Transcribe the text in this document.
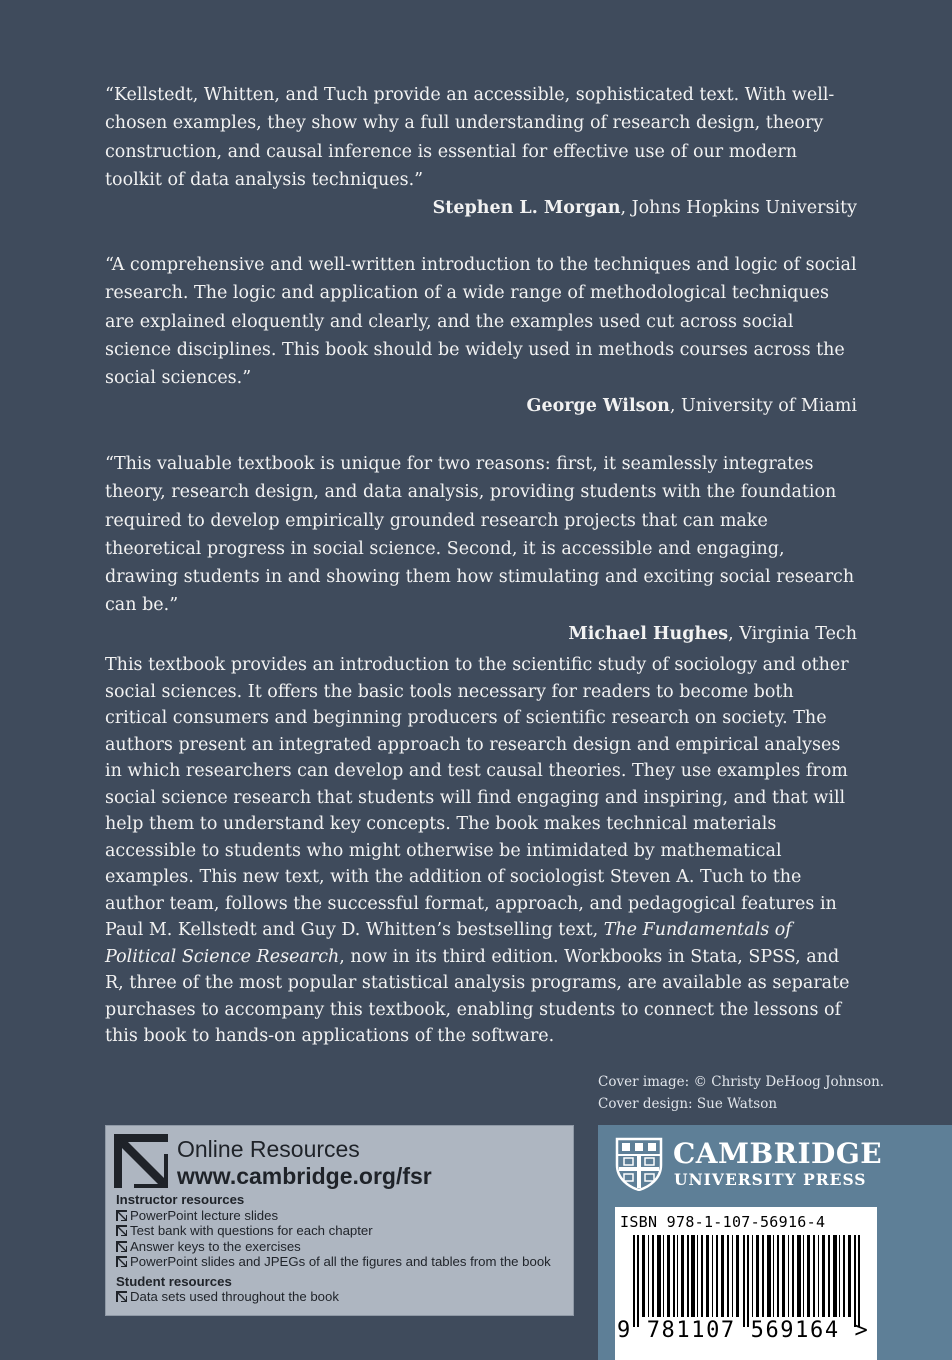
“Kellstedt, Whitten, and Tuch provide an accessible, sophisticated text. With well-chosen examples, they show why a full understanding of research design, theory construction, and causal inference is essential for effective use of our modern toolkit of data analysis techniques.”

Stephen L. Morgan, Johns Hopkins University

“A comprehensive and well-written introduction to the techniques and logic of social research. The logic and application of a wide range of methodological techniques are explained eloquently and clearly, and the examples used cut across social science disciplines. This book should be widely used in methods courses across the social sciences.”

George Wilson, University of Miami

“This valuable textbook is unique for two reasons: first, it seamlessly integrates theory, research design, and data analysis, providing students with the foundation required to develop empirically grounded research projects that can make theoretical progress in social science. Second, it is accessible and engaging, drawing students in and showing them how stimulating and exciting social research can be.”

Michael Hughes, Virginia Tech

This textbook provides an introduction to the scientific study of sociology and other social sciences. It offers the basic tools necessary for readers to become both critical consumers and beginning producers of scientific research on society. The authors present an integrated approach to research design and empirical analyses in which researchers can develop and test causal theories. They use examples from social science research that students will find engaging and inspiring, and that will help them to understand key concepts. The book makes technical materials accessible to students who might otherwise be intimidated by mathematical examples. This new text, with the addition of sociologist Steven A. Tuch to the author team, follows the successful format, approach, and pedagogical features in Paul M. Kellstedt and Guy D. Whitten’s bestselling text, The Fundamentals of Political Science Research, now in its third edition. Workbooks in Stata, SPSS, and R, three of the most popular statistical analysis programs, are available as separate purchases to accompany this textbook, enabling students to connect the lessons of this book to hands-on applications of the software.

Cover image: © Christy DeHoog Johnson.
Cover design: Sue Watson
Online Resources
www.cambridge.org/fsr
Instructor resources
PowerPoint lecture slides
Test bank with questions for each chapter
Answer keys to the exercises
PowerPoint slides and JPEGs of all the figures and tables from the book
Student resources
Data sets used throughout the book
CAMBRIDGE
UNIVERSITY PRESS
ISBN 978-1-107-56916-4
9 781107 569164 >
